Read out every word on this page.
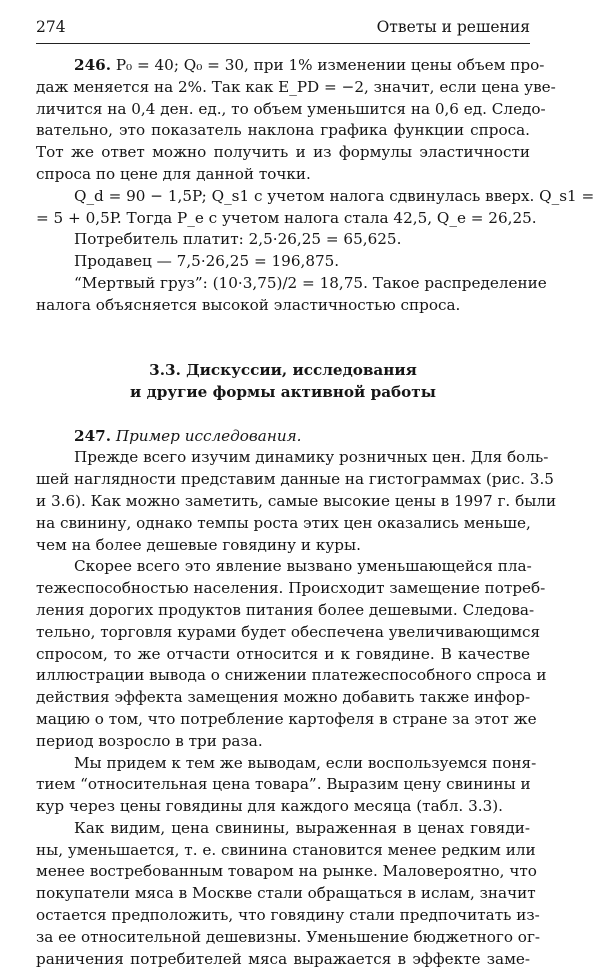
274	Ответы и решения
246. P₀ = 40; Q₀ = 30, при 1% изменении цены объем про-
даж меняется на 2%. Так как E_PD = −2, значит, если цена уве-
личится на 0,4 ден. ед., то объем уменьшится на 0,6 ед. Следо-
вательно, это показатель наклона графика функции спроса.
Тот же ответ можно получить и из формулы эластичности
спроса по цене для данной точки.
Q_d = 90 − 1,5P; Q_s1 с учетом налога сдвинулась вверх. Q_s1 =
= 5 + 0,5P. Тогда P_e с учетом налога стала 42,5, Q_e = 26,25.
Потребитель платит: 2,5·26,25 = 65,625.
Продавец — 7,5·26,25 = 196,875.
“Мертвый груз”: (10·3,75)/2 = 18,75. Такое распределение
налога объясняется высокой эластичностью спроса.
3.3. Дискуссии, исследования
и другие формы активной работы
247. Пример исследования.
Прежде всего изучим динамику розничных цен. Для боль-
шей наглядности представим данные на гистограммах (рис. 3.5
и 3.6). Как можно заметить, самые высокие цены в 1997 г. были
на свинину, однако темпы роста этих цен оказались меньше,
чем на более дешевые говядину и куры.
Скорее всего это явление вызвано уменьшающейся пла-
тежеспособностью населения. Происходит замещение потреб-
ления дорогих продуктов питания более дешевыми. Следова-
тельно, торговля курами будет обеспечена увеличивающимся
спросом, то же отчасти относится и к говядине. В качестве
иллюстрации вывода о снижении платежеспособного спроса и
действия эффекта замещения можно добавить также инфор-
мацию о том, что потребление картофеля в стране за этот же
период возросло в три раза.
Мы придем к тем же выводам, если воспользуемся поня-
тием “относительная цена товара”. Выразим цену свинины и
кур через цены говядины для каждого месяца (табл. 3.3).
Как видим, цена свинины, выраженная в ценах говяди-
ны, уменьшается, т. е. свинина становится менее редким или
менее востребованным товаром на рынке. Маловероятно, что
покупатели мяса в Москве стали обращаться в ислам, значит
остается предположить, что говядину стали предпочитать из-
за ее относительной дешевизны. Уменьшение бюджетного ог-
раничения потребителей мяса выражается в эффекте заме-
